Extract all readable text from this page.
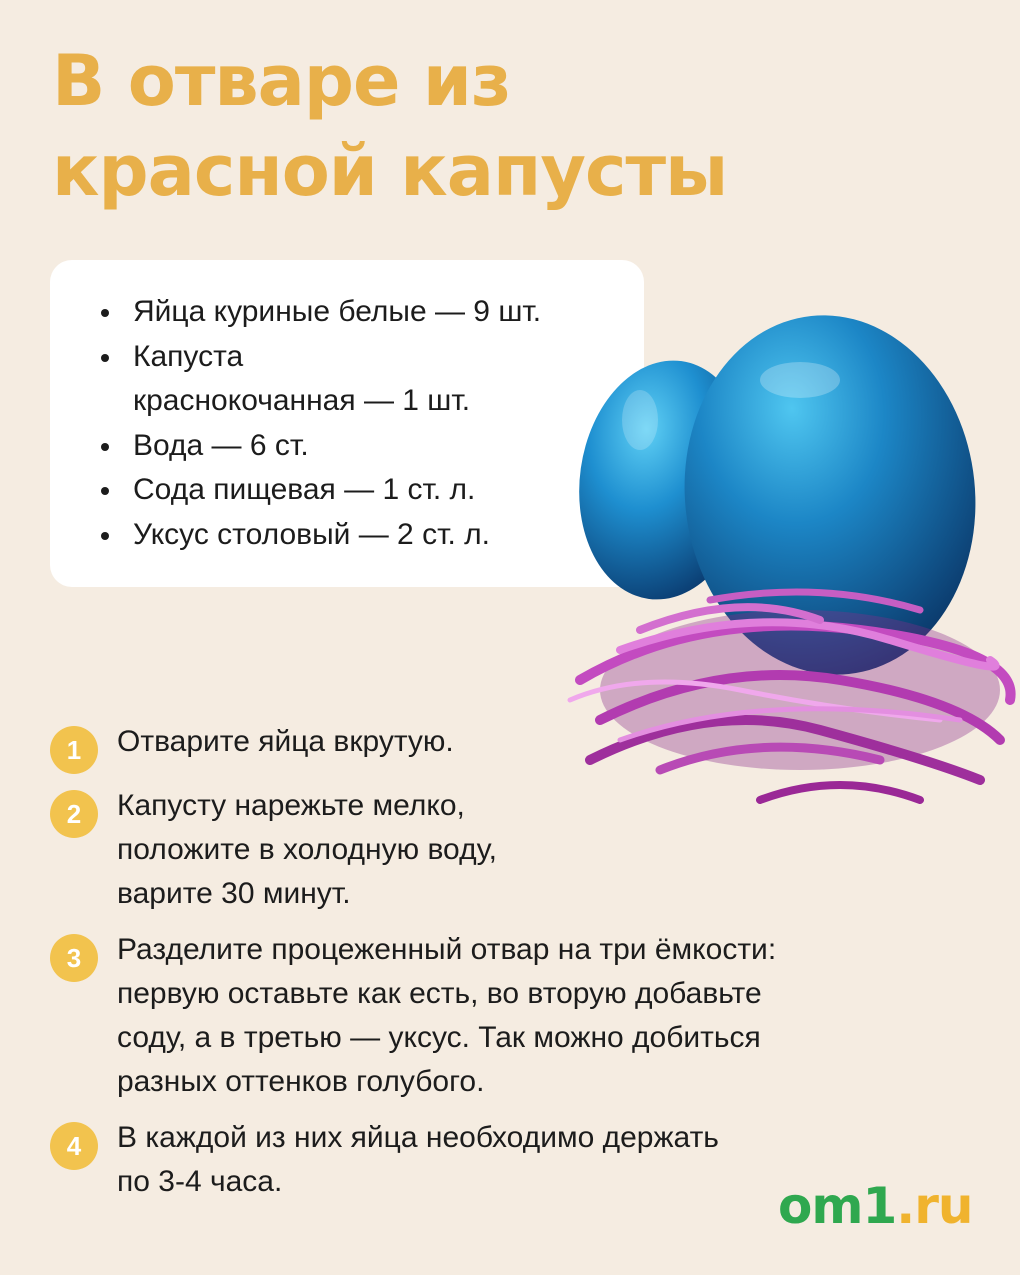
В отваре из
красной капусты
Яйца куриные белые — 9 шт.
Капуста
краснокочанная — 1 шт.
Вода — 6 ст.
Сода пищевая — 1 ст. л.
Уксус столовый — 2 ст. л.
1	Отварите яйца вкрутую.
2	Капусту нарежьте мелко,
положите в холодную воду,
варите 30 минут.
3	Разделите процеженный отвар на три ёмкости:
первую оставьте как есть, во вторую добавьте
соду, а в третью — уксус. Так можно добиться
разных оттенков голубого.
4	В каждой из них яйца необходимо держать
по 3-4 часа.	om1.ru
